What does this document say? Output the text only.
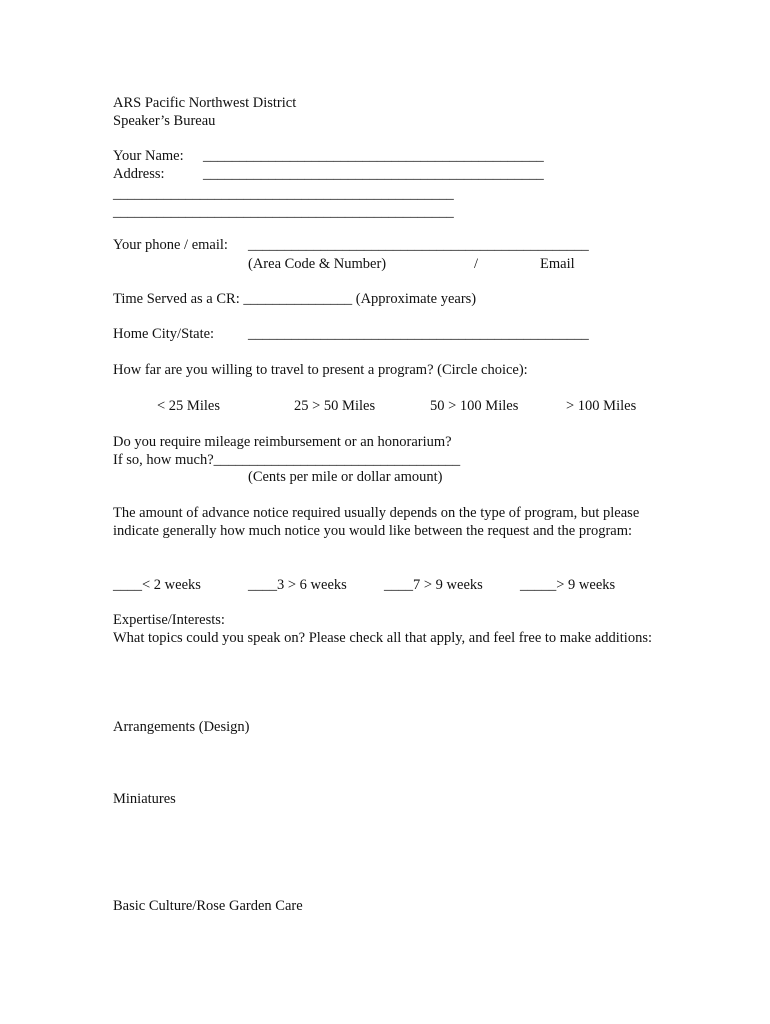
ARS Pacific Northwest District
Speaker’s Bureau
Your Name: _______________________________________________
Address:	_______________________________________________
_______________________________________________
_______________________________________________
Your phone / email: _______________________________________________
(Area Code & Number)	/	Email
Time Served as a CR: _______________ (Approximate years)
Home City/State: _______________________________________________
How far are you willing to travel to present a program? (Circle choice):
< 25 Miles	25 > 50 Miles	50 > 100 Miles	> 100 Miles
Do you require mileage reimbursement or an honorarium?
If so, how much?__________________________________
(Cents per mile or dollar amount)
The amount of advance notice required usually depends on the type of program, but please indicate generally how much notice you would like between the request and the program:
____< 2 weeks	____3 > 6 weeks	____7 > 9 weeks	_____> 9 weeks
Expertise/Interests:
What topics could you speak on? Please check all that apply, and feel free to make additions:
Arrangements (Design)
Miniatures
Basic Culture/Rose Garden Care
